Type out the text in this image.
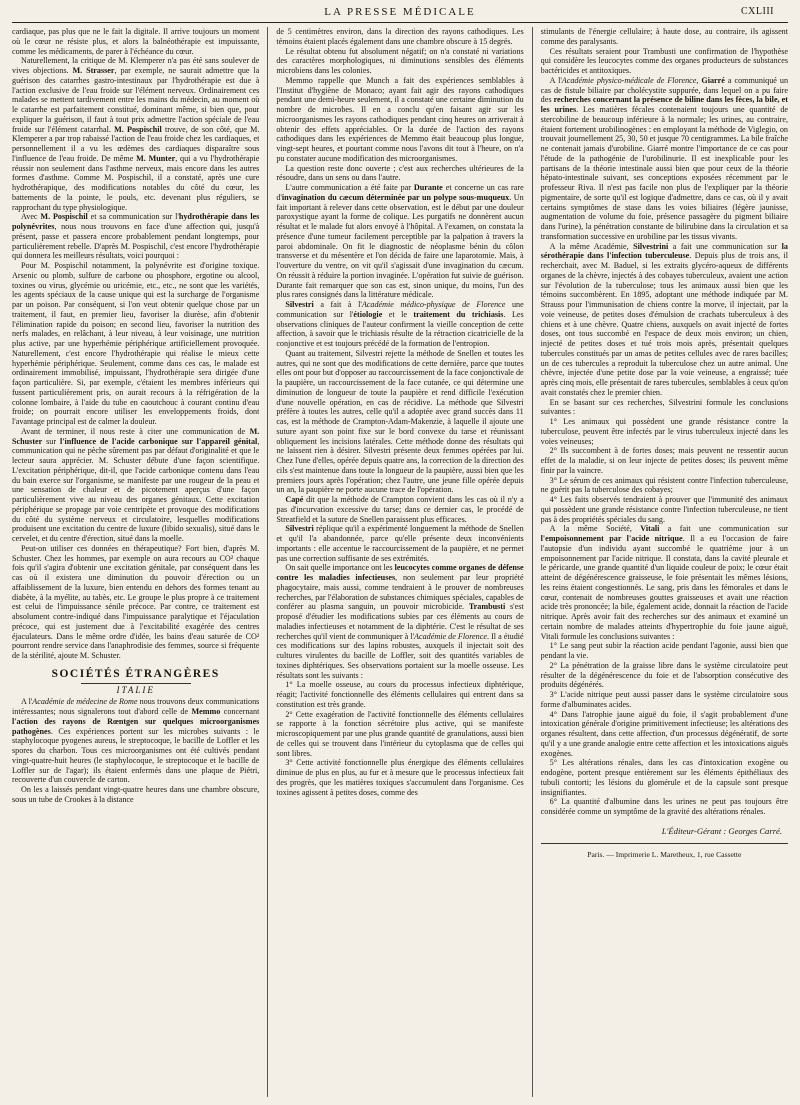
LA PRESSE MÉDICALE	CXLIII

cardiaque, pas plus que ne le fait la digitale. Il arrive toujours un moment où le cœur ne résiste plus, et alors la balnéothérapie est impuissante, comme les médicaments, de parer à l'échéance du cœur.

Naturellement, la critique de M. Klemperer n'a pas été sans soulever de vives objections. M. Strasser, par exemple, ne saurait admettre que la guérison des catarrhes gastro-intestinaux par l'hydrothérapie est due à l'action exclusive de l'eau froide sur l'élément nerveux. Ordinairement ces malades se mettent tardivement entre les mains du médecin, au moment où le catarrhe est parfaitement constitué, dominant même, si bien que, pour expliquer la guérison, il faut à tout prix admettre l'action spéciale de l'eau froide sur l'élément catarrhal. M. Pospischil trouve, de son côté, que M. Klemperer a par trop rabaissé l'action de l'eau froide chez les cardiaques, et personnellement il a vu les œdèmes des cardiaques disparaître sous l'influence de l'eau froide. De même M. Munter, qui a vu l'hydrothérapie réussir non seulement dans l'asthme nerveux, mais encore dans les autres formes d'asthme. Comme M. Pospischil, il a constaté, après une cure hydrothérapique, des modifications notables du côté du cœur, les battements de la pointe, le pouls, etc. devenant plus réguliers, se rapprochant du type physiologique.

Avec M. Pospischil et sa communication sur l'hydrothérapie dans les polynévrites, nous nous trouvons en face d'une affection qui, jusqu'à présent, passe et passera encore probablement pendant longtemps, pour particulièrement rebelle. D'après M. Pospischil, c'est encore l'hydrothérapie qui donnera les meilleurs résultats, voici pourquoi :

Pour M. Pospischil notamment, la polynévrite est d'origine toxique. Arsenic ou plomb, sulfure de carbone ou phosphore, ergotine ou alcool, toxines ou virus, glycémie ou uricémie, etc., etc., ne sont que les variétés, les agents spéciaux de la cause unique qui est la surcharge de l'organisme par un poison. Par conséquent, si l'on veut obtenir quelque chose par un traitement, il faut, en premier lieu, favoriser la diurèse, afin d'obtenir l'élimination rapide du poison; en second lieu, favoriser la nutrition des nerfs malades, en relâchant, à leur niveau, à leur voisinage, une nutrition plus active, par une hyperhémie périphérique artificiellement provoquée. Naturellement, c'est encore l'hydrothérapie qui réalise le mieux cette hyperhémie périphérique. Seulement, comme dans ces cas, le malade est ordinairement immobilisé, impuissant, l'hydrothérapie sera dirigée d'une façon particulière. Si, par exemple, c'étaient les membres inférieurs qui fussent particulièrement pris, on aurait recours à la réfrigération de la colonne lombaire, à l'aide du tube en caoutchouc à courant continu d'eau froide; on pourrait encore utiliser les enveloppements froids, dont l'avantage principal est de calmer la douleur.

Avant de terminer, il nous reste à citer une communication de M. Schuster sur l'influence de l'acide carbonique sur l'appareil génital, communication qui ne pèche sûrement pas par défaut d'originalité et que le lecteur saura apprécier. M. Schuster débute d'une façon scientifique. L'excitation périphérique, dit-il, que l'acide carbonique contenu dans l'eau du bain exerce sur l'organisme, se manifeste par une rougeur de la peau et une sensation de chaleur et de picotement aperçus d'une façon particulièrement vive au niveau des organes génitaux. Cette excitation périphérique se propage par voie centripète et provoque des modifications du côté du système nerveux et circulatoire, lesquelles modifications produisent une excitation du centre de luxure (libido sexualis), situé dans le cervelet, et du centre d'érection, situé dans la moelle.

Peut-on utiliser ces données en thérapeutique? Fort bien, d'après M. Schuster. Chez les hommes, par exemple on aura recours au CO² chaque fois qu'il s'agira d'obtenir une excitation génitale, par conséquent dans les cas où il existera une diminution du pouvoir d'érection ou un affaiblissement de la luxure, bien entendu en dehors des formes tenant au diabète, à la myélite, au tabès, etc. Le groupe le plus propre à ce traitement est celui de l'impuissance sénile précoce. Par contre, ce traitement est absolument contre-indiqué dans l'impuissance paralytique et l'éjaculation précoce, qui est justement due à l'excitabilité exagérée des centres éjaculateurs. Dans le même ordre d'idée, les bains d'eau saturée de CO² pourront rendre service dans l'anaphrodisie des femmes, source si fréquente de la stérilité, ajoute M. Schuster.

SOCIÉTÉS ÉTRANGÈRES
ITALIE

A l'Académie de médecine de Rome nous trouvons deux communications intéressantes; nous signalerons tout d'abord celle de Memmo concernant l'action des rayons de Rœntgen sur quelques microorganismes pathogènes. Ces expériences portent sur les microbes suivants : le staphylocoque pyogenes aureus, le streptocoque, le bacille de Loffler et les spores du charbon. Tous ces microorganismes ont été cultivés pendant vingt-quatre-huit heures (le staphylocoque, le streptocoque et le bacille de Loffler sur de l'agar); ils étaient enfermés dans une plaque de Piétri, recouverte d'un couvercle de carton.

On les a laissés pendant vingt-quatre heures dans une chambre obscure, sous un tube de Crookes à la distance

de 5 centimètres environ, dans la direction des rayons cathodiques. Les témoins étaient placés également dans une chambre obscure à 15 degrés.

Le résultat obtenu fut absolument négatif; on n'a constaté ni variations des caractères morphologiques, ni diminutions sensibles des éléments microbiens dans les colonies.

Memmo rappelle que Munch a fait des expériences semblables à l'Institut d'hygiène de Monaco; ayant fait agir des rayons cathodiques pendant une demi-heure seulement, il a constaté une certaine diminution du nombre de microbes. Il en a conclu qu'en faisant agir sur les microorganismes les rayons cathodiques pendant cinq heures on arriverait à obtenir des effets appréciables. Or la durée de l'action des rayons cathodiques dans les expériences de Memmo était beaucoup plus longue, vingt-sept heures, et pourtant comme nous l'avons dit tout à l'heure, on n'a pu constater aucune modification des microorganismes.

La question reste donc ouverte ; c'est aux recherches ultérieures de la résoudre, dans un sens ou dans l'autre.

L'autre communication a été faite par Durante et concerne un cas rare d'invagination du cæcum déterminée par un polype sous-muqueux. Un fait important à relever dans cette observation, est le début par une douleur paroxystique ayant la forme de colique. Les purgatifs ne donnèrent aucun résultat et le malade fut alors envoyé à l'hôpital. A l'examen, on constata la présence d'une tumeur facilement perceptible par la palpation à travers la paroi abdominale. On fit le diagnostic de néoplasme bénin du côlon transverse et du mésentère et l'on décida de faire une laparotomie. Mais, à l'ouverture du ventre, on vit qu'il s'agissait d'une invagination du cæcum. On réussit à réduire la portion invaginée. L'opération fut suivie de guérison. Durante fait remarquer que son cas est, sinon unique, du moins, l'un des plus rares consignés dans la littérature médicale.

Silvestri a fait à l'Académie médico-physique de Florence une communication sur l'étiologie et le traitement du trichiasis. Les observations cliniques de l'auteur confirment la vieille conception de cette affection, à savoir que le trichiasis résulte de la rétraction cicatricielle de la conjonctive et est toujours précédé de la formation de l'entropion.

Quant au traitement, Silvestri rejette la méthode de Snellen et toutes les autres, qui ne sont que des modifications de cette dernière, parce que toutes elles ont pour but d'opposer au raccourcissement de la face conjonctivale de la paupière, un raccourcissement de la face cutanée, ce qui détermine une diminution de longueur de toute la paupière et rend difficile l'exécution d'une nouvelle opération, en cas de récidive. La méthode que Silvestri préfère à toutes les autres, celle qu'il a adoptée avec grand succès dans 11 cas, est la méthode de Crampton-Adam-Makenzie, à laquelle il ajoute une suture ayant son point fixe sur le bord convexe du tarse et réunissant obliquement les incisions latérales. Cette méthode donne des résultats qui ne laissent rien à désirer. Silvestri présente deux femmes opérées par lui. Chez l'une d'elles, opérée depuis quatre ans, la correction de la direction des cils s'est maintenue dans toute la longueur de la paupière, aussi bien que les premiers jours après l'opération; chez l'autre, une jeune fille opérée depuis un an, la paupière ne porte aucune trace de l'opération.

Capé dit que la méthode de Crampton convient dans les cas où il n'y a pas d'incurvation excessive du tarse; dans ce dernier cas, le procédé de Streatfield et la suture de Snellen paraissent plus efficaces.

Silvestri réplique qu'il a expérimenté longuement la méthode de Snellen et qu'il l'a abandonnée, parce qu'elle présente deux inconvénients importants : elle accentue le raccourcissement de la paupière, et ne permet pas une correction suffisante de ses extrémités.

On sait quelle importance ont les leucocytes comme organes de défense contre les maladies infectieuses, non seulement par leur propriété phagocytaire, mais aussi, comme tendraient à le prouver de nombreuses recherches, par l'élaboration de substances chimiques spéciales, capables de conférer au plasma sanguin, un pouvoir microbicide. Trambusti s'est proposé d'étudier les modifications subies par ces éléments au cours de maladies infectieuses et notamment de la diphtérie. C'est le résultat de ses recherches qu'il vient de communiquer à l'Académie de Florence. Il a étudié ces modifications sur des lapins robustes, auxquels il injectait soit des cultures virulentes du bacille de Loffler, soit des quantités variables de toxines diphtériques. Ses observations portaient sur la moelle osseuse. Les résultats sont les suivants :

1° La moelle osseuse, au cours du processus infectieux diphtérique, réagit; l'activité fonctionnelle des éléments cellulaires qui entrent dans sa constitution est très grande.

2° Cette exagération de l'activité fonctionnelle des éléments cellulaires se rapporte à la fonction sécrétoire plus active, qui se manifeste microscopiquement par une plus grande quantité de granulations, aussi bien de celles qui se trouvent dans l'intérieur du cytoplasma que de celles qui sont libres.

3° Cette activité fonctionnelle plus énergique des éléments cellulaires diminue de plus en plus, au fur et à mesure que le processus infectieux fait des progrès, que les matières toxiques s'accumulent dans l'organisme. Ces toxines agissent à petites doses, comme des

stimulants de l'énergie cellulaire; à haute dose, au contraire, ils agissent comme des paralysants.

Ces résultats seraient pour Trambusti une confirmation de l'hypothèse qui considère les leucocytes comme des organes producteurs de substances bactéricides et antitoxiques.

A l'Académie physico-médicale de Florence, Giarré a communiqué un cas de fistule biliaire par cholécystite suppurée, dans lequel on a pu faire des recherches concernant la présence de biline dans les fèces, la bile, et les urines. Les matières fécales contenaient toujours une quantité de stercobiline de beaucoup inférieure à la normale; les urines, au contraire, étaient fortement urobilinogènes : en employant la méthode de Viglegio, on trouvait journellement 25, 30, 50 et jusque 70 centigrammes. La bile fraîche ne contenait jamais d'urobiline. Giarré montre l'importance de ce cas pour l'étude de la pathogénie de l'urobilinurie. Il est inexplicable pour les partisans de la théorie intestinale aussi bien que pour ceux de la théorie hépato-intestinale suivant, ses conceptions exposées récemment par le professeur Riva. Il n'est pas facile non plus de l'expliquer par la théorie pigmentaire, de sorte qu'il est logique d'admettre, dans ce cas, où il y avait certains symptômes de stase dans les voies biliaires (légère jaunisse, augmentation de volume du foie, présence passagère du pigment biliaire dans l'urine), la pénétration constante de bilirubine dans la circulation et sa transformation successive en urobiline par les tissus vivants.

A la même Académie, Silvestrini a fait une communication sur la sérothérapie dans l'infection tuberculeuse. Depuis plus de trois ans, il recherchait, avec M. Baduel, si les extraits glycéro-aqueux de différents organes de la chèvre, injectés à des cobayes tuberculeux, avaient une action sur l'évolution de la tuberculose; tous les animaux aussi bien que les témoins succombèrent. En 1895, adoptant une méthode indiquée par M. Strauss pour l'immunisation de chiens contre la morve, il injectait, par la voie veineuse, de petites doses d'émulsion de crachats tuberculeux à des chiens et à une chèvre. Quatre chiens, auxquels on avait injecté de fortes doses, ont tous succombé en l'espace de deux mois environ; un chien, injecté de petites doses et tué trois mois après, présentait quelques tubercules constitués par un amas de petites cellules avec de rares bacilles; un de ces tubercules a reproduit la tuberculose chez un autre animal. Une chèvre, injectée d'une petite dose par la voie veineuse, a engraissé; tuée après cinq mois, elle présentait de rares tubercules, semblables à ceux qu'on avait constatés chez le premier chien.

En se basant sur ces recherches, Silvestrini formule les conclusions suivantes :

1° Les animaux qui possèdent une grande résistance contre la tuberculose, peuvent être infectés par le virus tuberculeux injecté dans les voies veineuses;

2° Ils succombent à de fortes doses; mais peuvent ne ressentir aucun effet de la maladie, si on leur injecte de petites doses; ils peuvent même finir par la vaincre.

3° Le sérum de ces animaux qui résistent contre l'infection tuberculeuse, ne guérit pas la tuberculose des cobayes;

4° Les faits observés tendraient à prouver que l'immunité des animaux qui possèdent une grande résistance contre l'infection tuberculeuse, ne tient pas à des propriétés spéciales du sang.

A la même Société, Vitali a fait une communication sur l'empoisonnement par l'acide nitrique. Il a eu l'occasion de faire l'autopsie d'un individu ayant succombé le quatrième jour à un empoisonnement par l'acide nitrique. Il constata, dans la cavité pleurale et le péricarde, une grande quantité d'un liquide couleur de poix; le cœur était atteint de dégénérescence graisseuse, le foie présentait les mêmes lésions, les reins étaient congestionnés. Le sang, pris dans les fémorales et dans le cœur, contenait de nombreuses gouttes graisseuses et avait une réaction acide très prononcée; la bile, également acide, donnait la réaction de l'acide nitrique. Après avoir fait des recherches sur des animaux et examiné un certain nombre de malades atteints d'hypertrophie du foie jaune aiguë, Vitali formule les conclusions suivantes :

1° Le sang peut subir la réaction acide pendant l'agonie, aussi bien que pendant la vie.

2° La pénétration de la graisse libre dans le système circulatoire peut résulter de la dégénérescence du foie et de l'absorption consécutive des produits dégénérés.

3° L'acide nitrique peut aussi passer dans le système circulatoire sous forme d'albuminates acides.

4° Dans l'atrophie jaune aiguë du foie, il s'agit probablement d'une intoxication générale d'origine primitivement infectieuse; les altérations des organes résultent, dans cette affection, d'un processus dégénératif, de sorte qu'il y a une grande analogie entre cette affection et les intoxications aiguës exogènes.

5° Les altérations rénales, dans les cas d'intoxication exogène ou endogène, portent presque entièrement sur les éléments épithéliaux des tubuli contorti; les lésions du glomérule et de la capsule sont presque insignifiantes.

6° La quantité d'albumine dans les urines ne peut pas toujours être considérée comme un symptôme de la gravité des altérations rénales.

L'Éditeur-Gérant : Georges Carré.
Paris. — Imprimerie L. Maretheux, 1, rue Cassette
